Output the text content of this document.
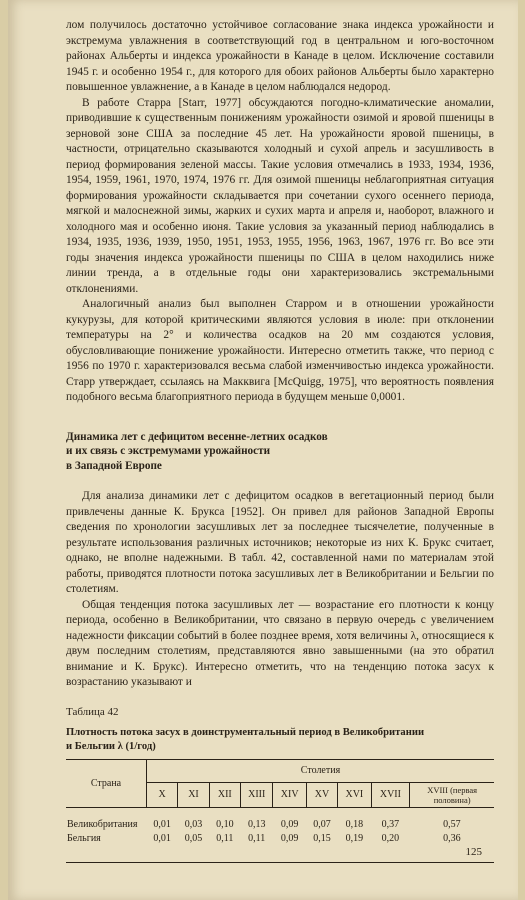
лом получилось достаточно устойчивое согласование знака индекса урожайности и экстремума увлажнения в соответствующий год в центральном и юго-восточном районах Альберты и индекса урожайности в Канаде в целом. Исключение составили 1945 г. и особенно 1954 г., для которого для обоих районов Альберты было характерно повышенное увлажнение, а в Канаде в целом наблюдался недород.

В работе Старра [Starr, 1977] обсуждаются погодно-климатические аномалии, приводившие к существенным понижениям урожайности озимой и яровой пшеницы в зерновой зоне США за последние 45 лет. На урожайности яровой пшеницы, в частности, отрицательно сказываются холодный и сухой апрель и засушливость в период формирования зеленой массы. Такие условия отмечались в 1933, 1934, 1936, 1954, 1959, 1961, 1970, 1974, 1976 гг. Для озимой пшеницы неблагоприятная ситуация формирования урожайности складывается при сочетании сухого осеннего периода, мягкой и малоснежной зимы, жарких и сухих марта и апреля и, наоборот, влажного и холодного мая и особенно июня. Такие условия за указанный период наблюдались в 1934, 1935, 1936, 1939, 1950, 1951, 1953, 1955, 1956, 1963, 1967, 1976 гг. Во все эти годы значения индекса урожайности пшеницы по США в целом находились ниже линии тренда, а в отдельные годы они характеризовались экстремальными отклонениями.

Аналогичный анализ был выполнен Старром и в отношении урожайности кукурузы, для которой критическими являются условия в июле: при отклонении температуры на 2° и количества осадков на 20 мм создаются условия, обусловливающие понижение урожайности. Интересно отметить также, что период с 1956 по 1970 г. характеризовался весьма слабой изменчивостью индекса урожайности. Старр утверждает, ссылаясь на Макквига [McQuigg, 1975], что вероятность появления подобного весьма благоприятного периода в будущем меньше 0,0001.

Динамика лет с дефицитом весенне-летних осадков
и их связь с экстремумами урожайности
в Западной Европе

Для анализа динамики лет с дефицитом осадков в вегетационный период были привлечены данные К. Брукса [1952]. Он привел для районов Западной Европы сведения по хронологии засушливых лет за последнее тысячелетие, полученные в результате использования различных источников; некоторые из них К. Брукс считает, однако, не вполне надежными. В табл. 42, составленной нами по материалам этой работы, приводятся плотности потока засушливых лет в Великобритании и Бельгии по столетиям.

Общая тенденция потока засушливых лет — возрастание его плотности к концу периода, особенно в Великобритании, что связано в первую очередь с увеличением надежности фиксации событий в более позднее время, хотя величины λ, относящиеся к двум последним столетиям, представляются явно завышенными (на это обратил внимание и К. Брукс). Интересно отметить, что на тенденцию потока засух к возрастанию указывают и

Таблица 42
Плотность потока засух в доинструментальный период в Великобритании
и Бельгии λ (1/год)
Страна	Столетия								
	X	XI	XII	XIII	XIV	XV	XVI	XVII	XVIII (первая
половина)

Великобритания	0,01	0,03	0,10	0,13	0,09	0,07	0,18	0,37	0,57
Бельгия	0,01	0,05	0,11	0,11	0,09	0,15	0,19	0,20	0,36
125
